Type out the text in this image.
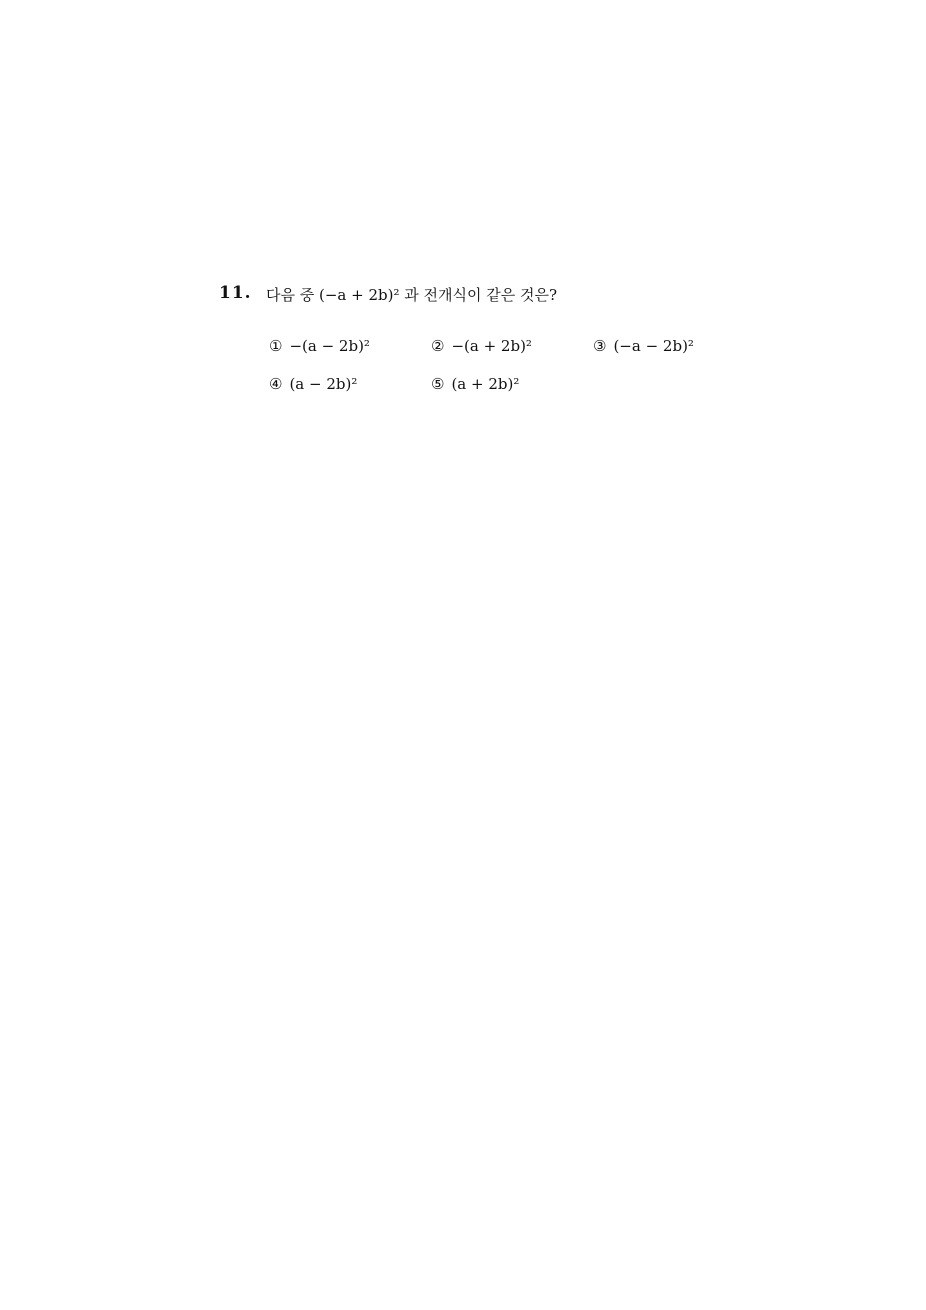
11. 다음 중 (−a + 2b)² 과 전개식이 같은 것은?
① −(a − 2b)²	② −(a + 2b)²	③ (−a − 2b)²
④ (a − 2b)²	⑤ (a + 2b)²
